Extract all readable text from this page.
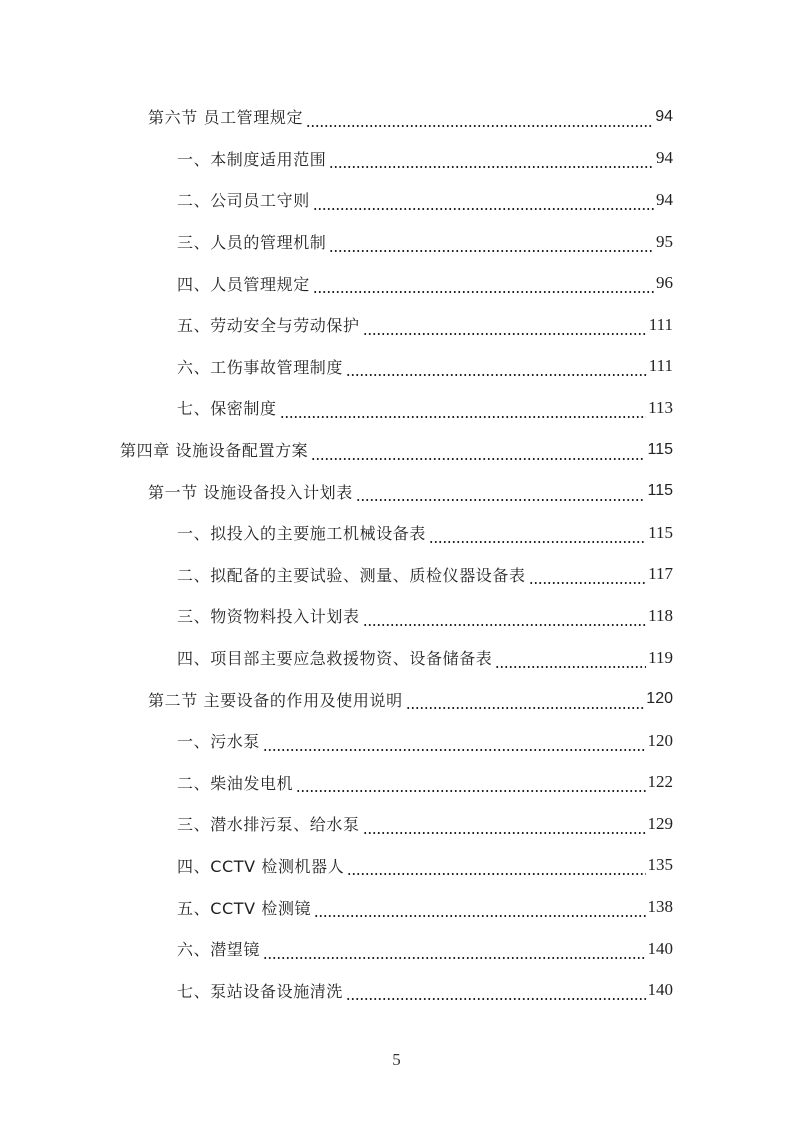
第六节 员工管理规定	94
一、本制度适用范围	94
二、公司员工守则	94
三、人员的管理机制	95
四、人员管理规定	96
五、劳动安全与劳动保护	111
六、工伤事故管理制度	111
七、保密制度	113
第四章 设施设备配置方案	115
第一节 设施设备投入计划表	115
一、拟投入的主要施工机械设备表	115
二、拟配备的主要试验、测量、质检仪器设备表	117
三、物资物料投入计划表	118
四、项目部主要应急救援物资、设备储备表	119
第二节 主要设备的作用及使用说明	120
一、污水泵	120
二、柴油发电机	122
三、潜水排污泵、给水泵	129
四、CCTV 检测机器人	135
五、CCTV 检测镜	138
六、潜望镜	140
七、泵站设备设施清洗	140
5
